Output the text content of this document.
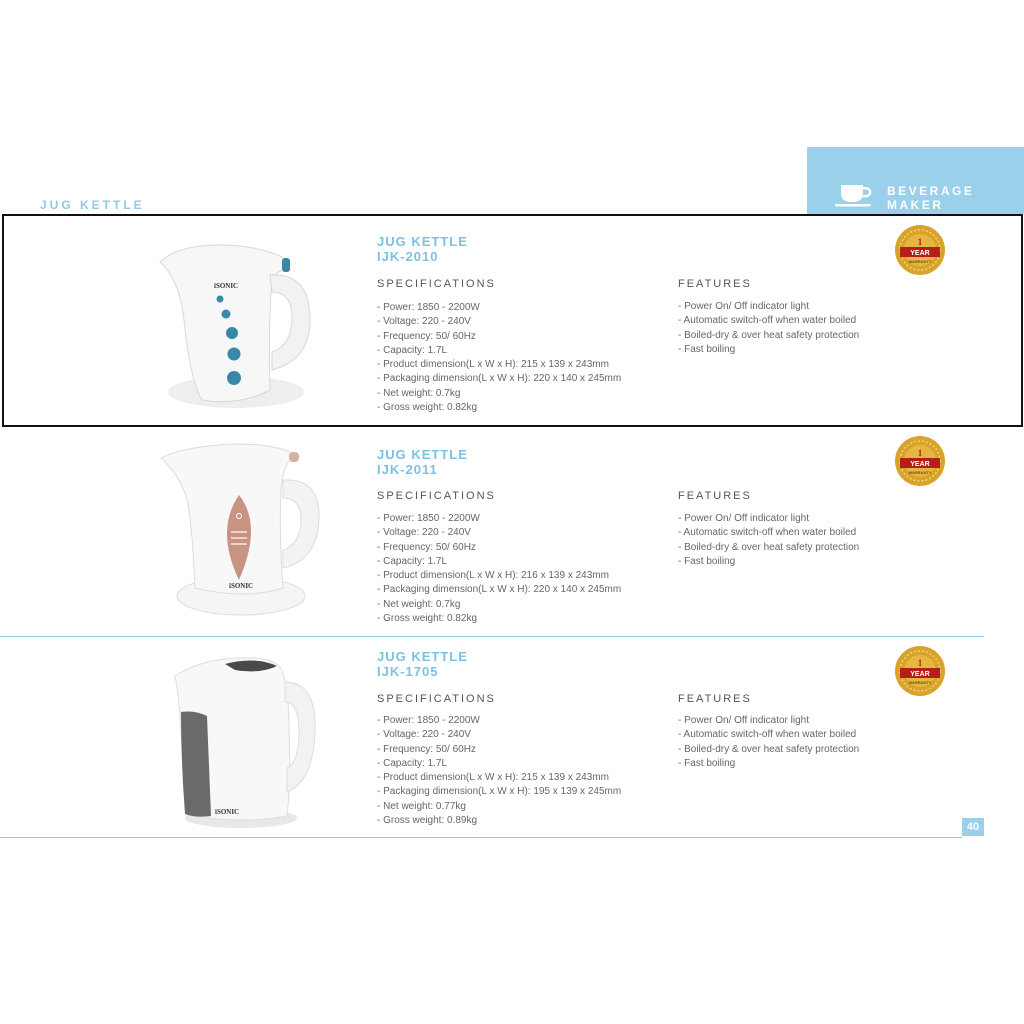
JUG KETTLE
BEVERAGE
MAKER
iSONIC
JUG KETTLE
IJK-2010
SPECIFICATIONS
- Power: 1850 - 2200W
- Voltage: 220 - 240V
- Frequency: 50/ 60Hz
- Capacity: 1.7L
- Product dimension(L x W x H): 215 x 139 x 243mm
- Packaging dimension(L x W x H): 220 x 140 x 245mm
- Net weight: 0.7kg
- Gross weight: 0.82kg
FEATURES
- Power On/ Off indicator light
- Automatic switch-off when water boiled
- Boiled-dry & over heat safety protection
- Fast boiling
1
YEAR
WARRANTY
iSONIC
JUG KETTLE
IJK-2011
SPECIFICATIONS
- Power: 1850 - 2200W
- Voltage: 220 - 240V
- Frequency: 50/ 60Hz
- Capacity: 1.7L
- Product dimension(L x W x H): 216 x 139 x 243mm
- Packaging dimension(L x W x H): 220 x 140 x 245mm
- Net weight: 0.7kg
- Gross weight: 0.82kg
FEATURES
- Power On/ Off indicator light
- Automatic switch-off when water boiled
- Boiled-dry & over heat safety protection
- Fast boiling
1
YEAR
WARRANTY
iSONIC
JUG KETTLE
IJK-1705
SPECIFICATIONS
- Power: 1850 - 2200W
- Voltage: 220 - 240V
- Frequency: 50/ 60Hz
- Capacity: 1.7L
- Product dimension(L x W x H): 215 x 139 x 243mm
- Packaging dimension(L x W x H): 195 x 139 x 245mm
- Net weight: 0.77kg
- Gross weight: 0.89kg
FEATURES
- Power On/ Off indicator light
- Automatic switch-off when water boiled
- Boiled-dry & over heat safety protection
- Fast boiling
1
YEAR
WARRANTY
40
